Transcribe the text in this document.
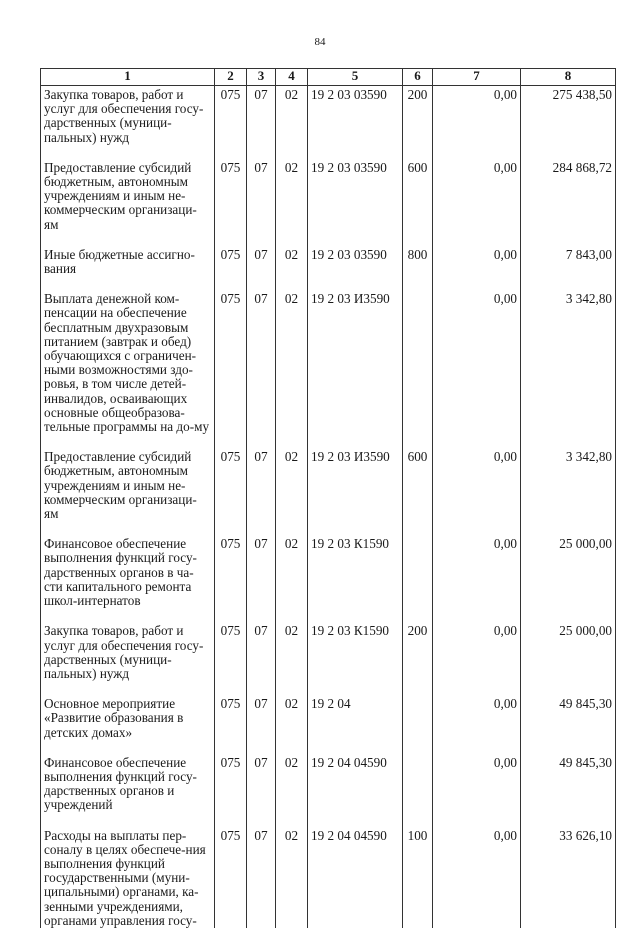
84
1	2	3	4	5	6	7	8
Закупка товаров, работ и услуг для обеспечения госу-дарственных (муници-пальных) нужд	075	07	02	19 2 03 03590	200	0,00	275 438,50
Предоставление субсидий бюджетным, автономным учреждениям и иным не-коммерческим организаци-ям	075	07	02	19 2 03 03590	600	0,00	284 868,72
Иные бюджетные ассигно-вания	075	07	02	19 2 03 03590	800	0,00	7 843,00
Выплата денежной ком-пенсации на обеспечение бесплатным двухразовым питанием (завтрак и обед) обучающихся с ограничен-ными возможностями здо-ровья, в том числе детей-инвалидов, осваивающих основные общеобразова-тельные программы на до-му	075	07	02	19 2 03 И3590		0,00	3 342,80
Предоставление субсидий бюджетным, автономным учреждениям и иным не-коммерческим организаци-ям	075	07	02	19 2 03 И3590	600	0,00	3 342,80
Финансовое обеспечение выполнения функций госу-дарственных органов в ча-сти капитального ремонта школ-интернатов	075	07	02	19 2 03 К1590		0,00	25 000,00
Закупка товаров, работ и услуг для обеспечения госу-дарственных (муници-пальных) нужд	075	07	02	19 2 03 К1590	200	0,00	25 000,00
Основное мероприятие «Развитие образования в детских домах»	075	07	02	19 2 04		0,00	49 845,30
Финансовое обеспечение выполнения функций госу-дарственных органов и учреждений	075	07	02	19 2 04 04590		0,00	49 845,30
Расходы на выплаты пер-соналу в целях обеспече-ния выполнения функций государственными (муни-ципальными) органами, ка-зенными учреждениями, органами управления госу-	075	07	02	19 2 04 04590	100	0,00	33 626,10
